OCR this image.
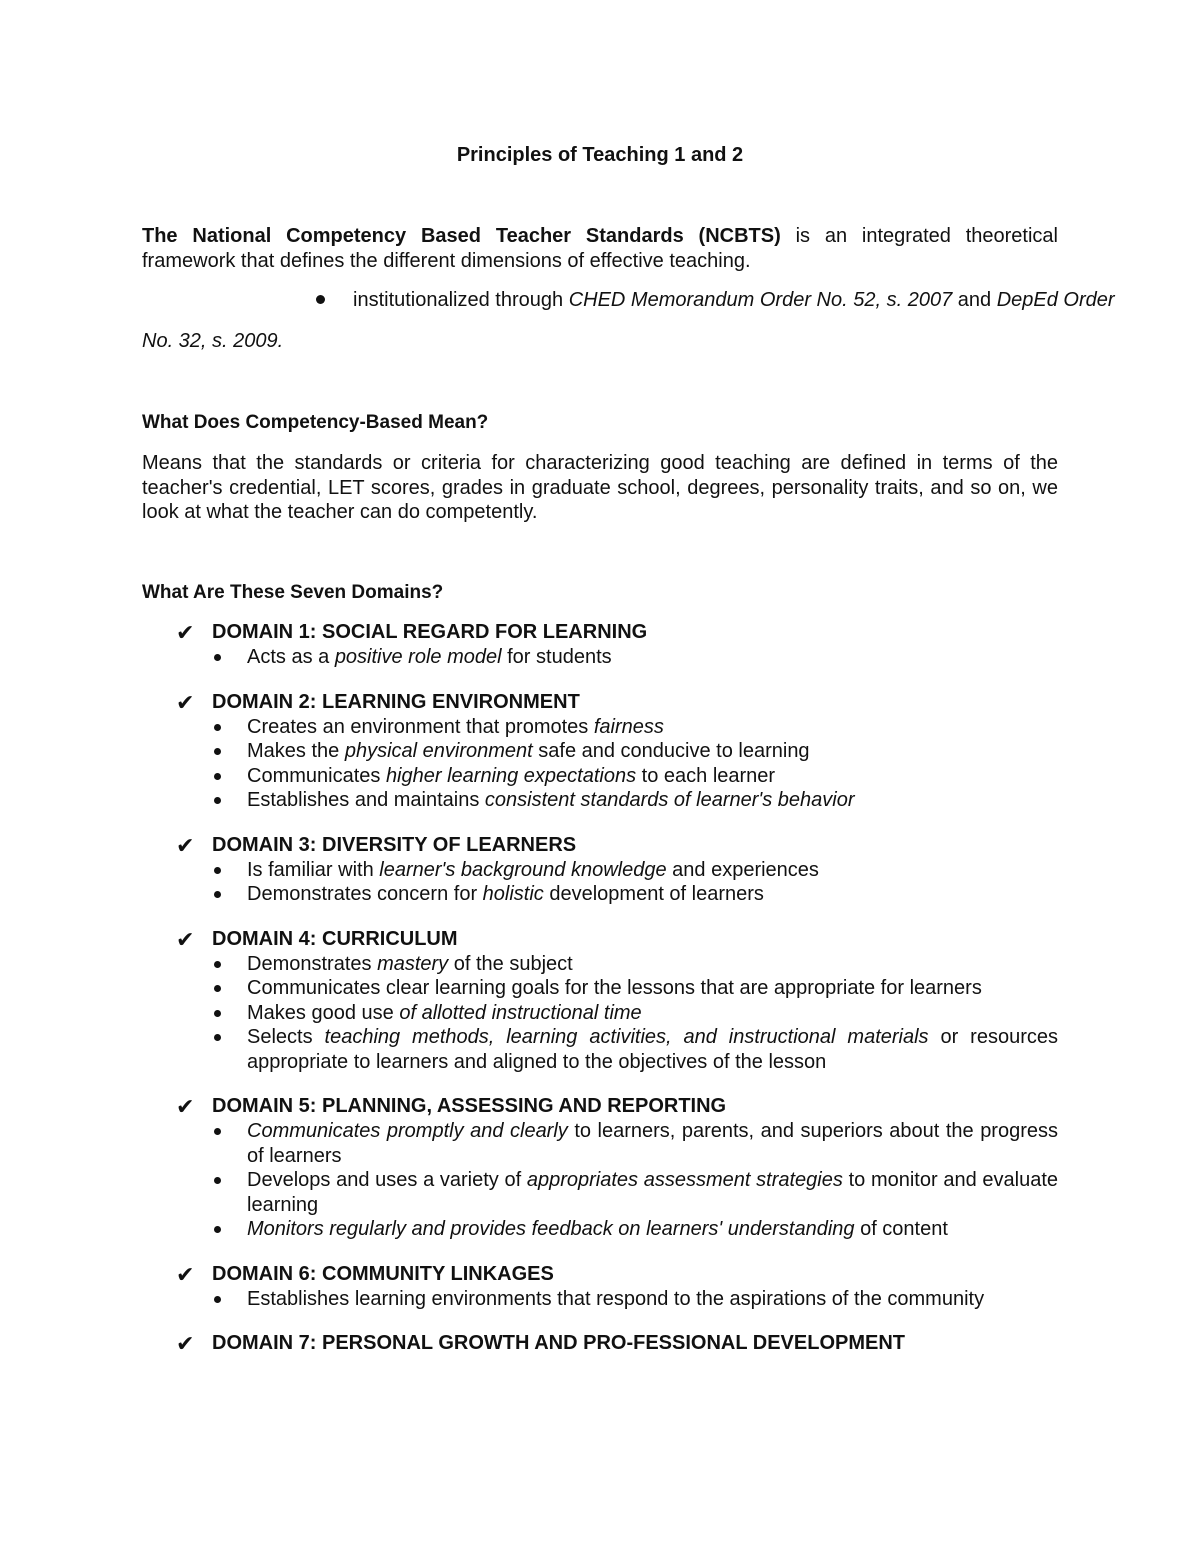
Principles of Teaching 1 and 2
The National Competency Based Teacher Standards (NCBTS) is an integrated theoretical framework that defines the different dimensions of effective teaching.
institutionalized through CHED Memorandum Order No. 52, s. 2007 and DepEd Order
No. 32, s. 2009.
What Does Competency-Based Mean?
Means that the standards or criteria for characterizing good teaching are defined in terms of the teacher's credential, LET scores, grades in graduate school, degrees, personality traits, and so on, we look at what the teacher can do competently.
What Are These Seven Domains?
✔ DOMAIN 1: SOCIAL REGARD FOR LEARNING
Acts as a positive role model for students
✔ DOMAIN 2: LEARNING ENVIRONMENT
Creates an environment that promotes fairness
Makes the physical environment safe and conducive to learning
Communicates higher learning expectations to each learner
Establishes and maintains consistent standards of learner's behavior
✔ DOMAIN 3: DIVERSITY OF LEARNERS
Is familiar with learner's background knowledge and experiences
Demonstrates concern for holistic development of learners
✔ DOMAIN 4: CURRICULUM
Demonstrates mastery of the subject
Communicates clear learning goals for the lessons that are appropriate for learners
Makes good use of allotted instructional time
Selects teaching methods, learning activities, and instructional materials or resources appropriate to learners and aligned to the objectives of the lesson
✔ DOMAIN 5: PLANNING, ASSESSING AND REPORTING
Communicates promptly and clearly to learners, parents, and superiors about the progress of learners
Develops and uses a variety of appropriates assessment strategies to monitor and evaluate learning
Monitors regularly and provides feedback on learners' understanding of content
✔ DOMAIN 6: COMMUNITY LINKAGES
Establishes learning environments that respond to the aspirations of the community
✔ DOMAIN 7: PERSONAL GROWTH AND PRO-FESSIONAL DEVELOPMENT
